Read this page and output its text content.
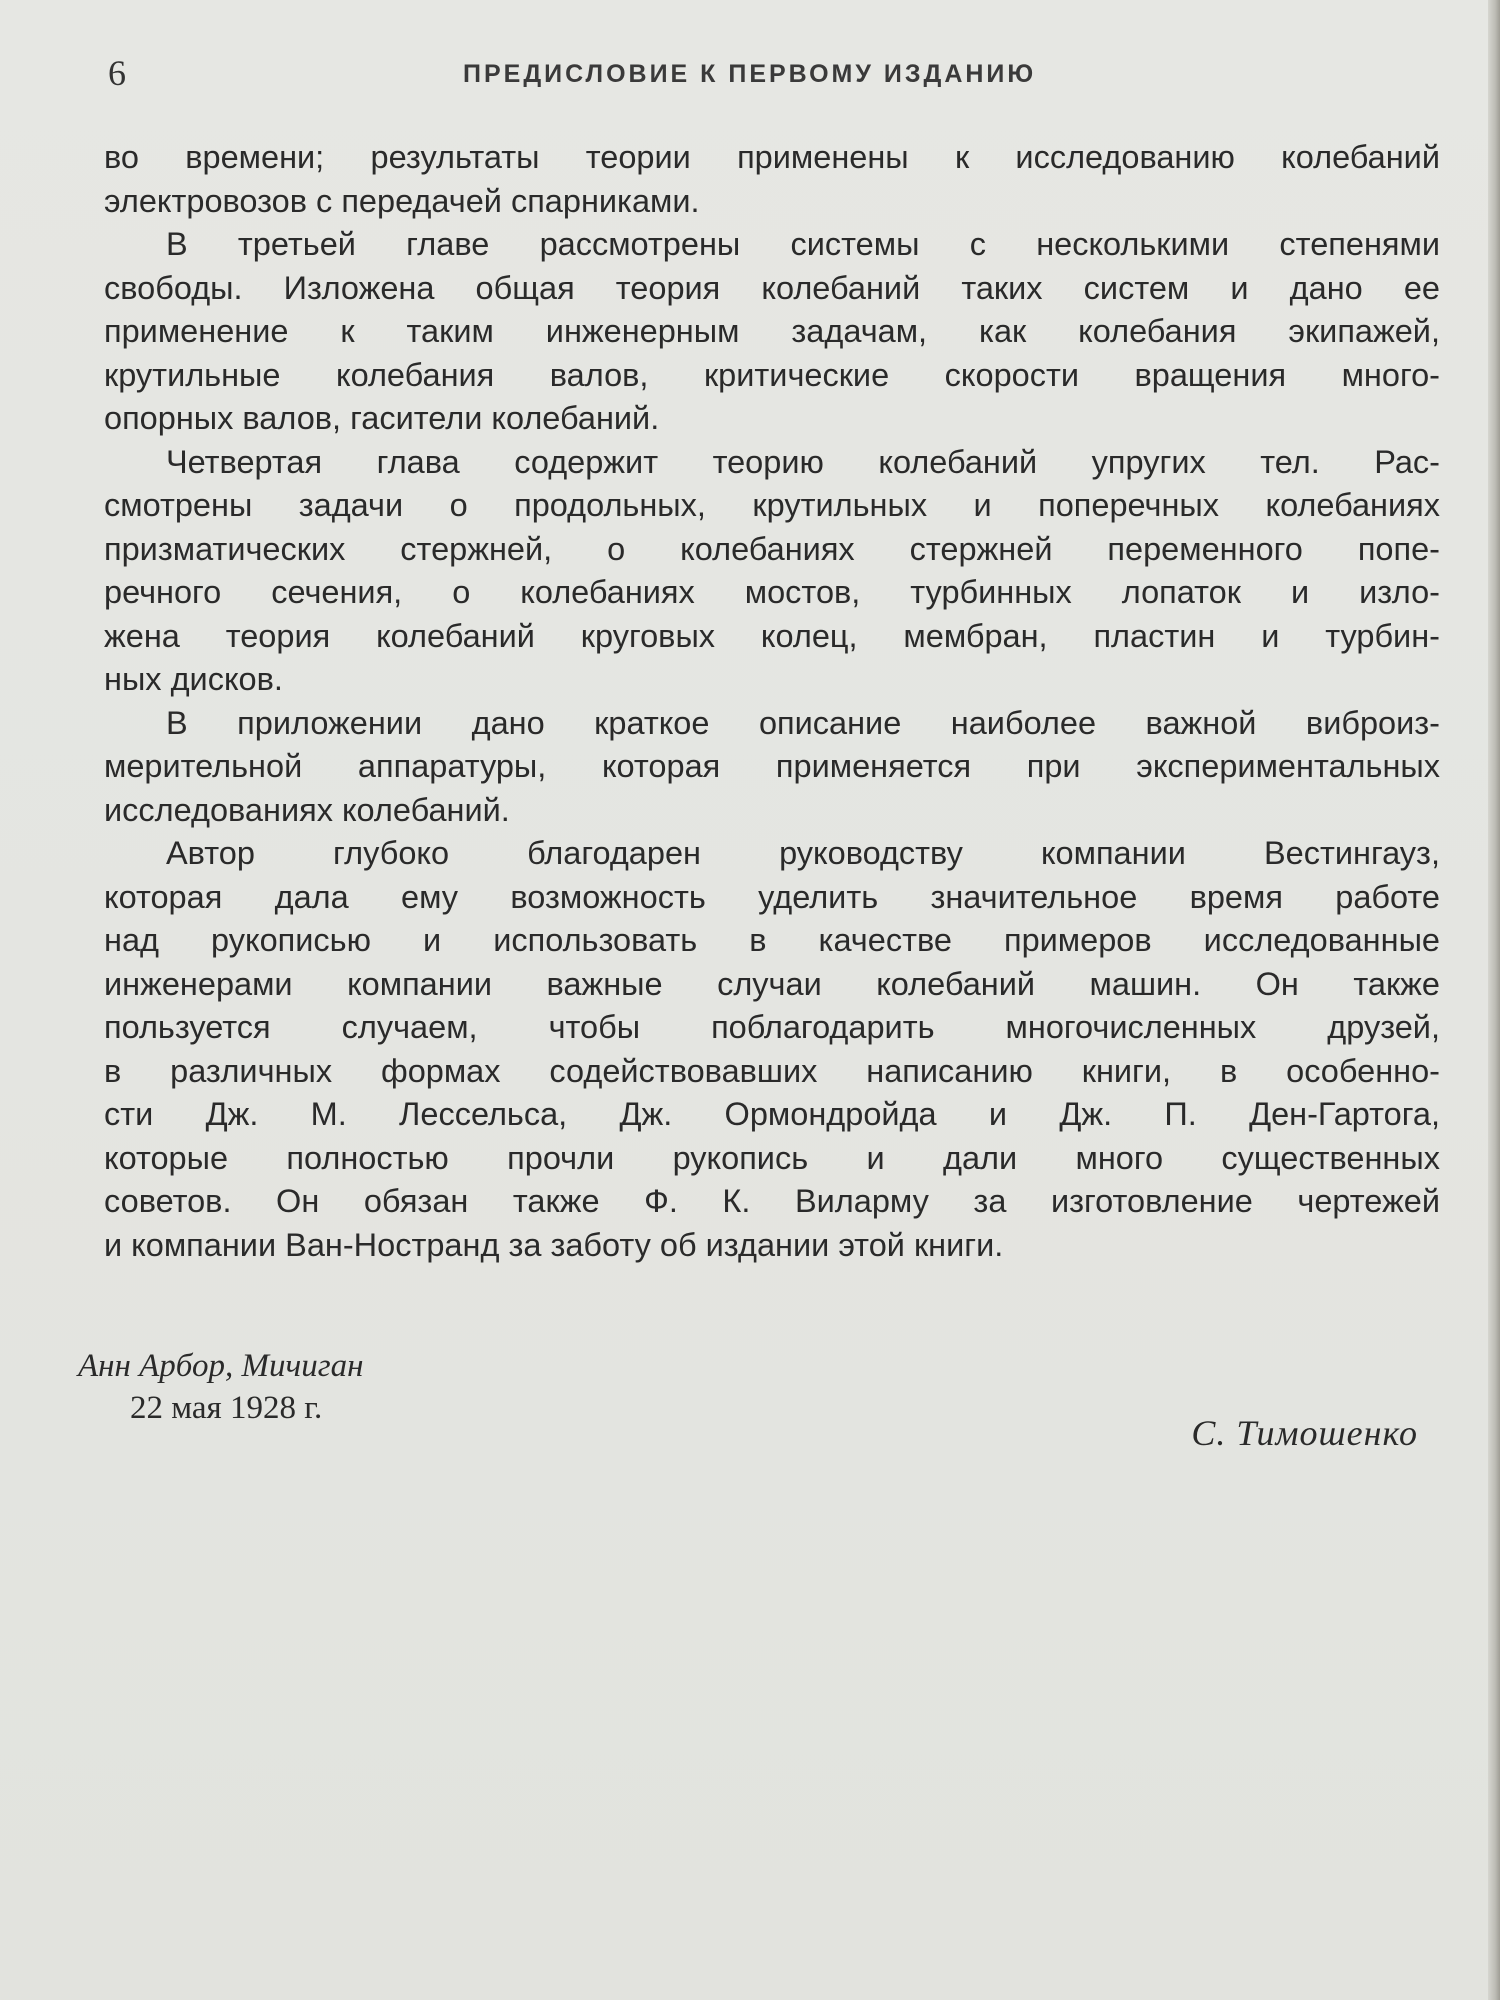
6	ПРЕДИСЛОВИЕ К ПЕРВОМУ ИЗДАНИЮ
во времени; результаты теории применены к исследованию колебаний
электровозов с передачей спарниками.
В третьей главе рассмотрены системы с несколькими степенями
свободы. Изложена общая теория колебаний таких систем и дано ее
применение к таким инженерным задачам, как колебания экипажей,
крутильные колебания валов, критические скорости вращения много-
опорных валов, гасители колебаний.
Четвертая глава содержит теорию колебаний упругих тел. Рас-
смотрены задачи о продольных, крутильных и поперечных колебаниях
призматических стержней, о колебаниях стержней переменного попе-
речного сечения, о колебаниях мостов, турбинных лопаток и изло-
жена теория колебаний круговых колец, мембран, пластин и турбин-
ных дисков.
В приложении дано краткое описание наиболее важной виброиз-
мерительной аппаратуры, которая применяется при экспериментальных
исследованиях колебаний.
Автор глубоко благодарен руководству компании Вестингауз,
которая дала ему возможность уделить значительное время работе
над рукописью и использовать в качестве примеров исследованные
инженерами компании важные случаи колебаний машин. Он также
пользуется случаем, чтобы поблагодарить многочисленных друзей,
в различных формах содействовавших написанию книги, в особенно-
сти Дж. М. Лессельса, Дж. Ормондройда и Дж. П. Ден-Гартога,
которые полностью прочли рукопись и дали много существенных
советов. Он обязан также Ф. К. Виларму за изготовление чертежей
и компании Ван-Ностранд за заботу об издании этой книги.
Анн Арбор, Мичиган
22 мая 1928 г.
С. Тимошенко
